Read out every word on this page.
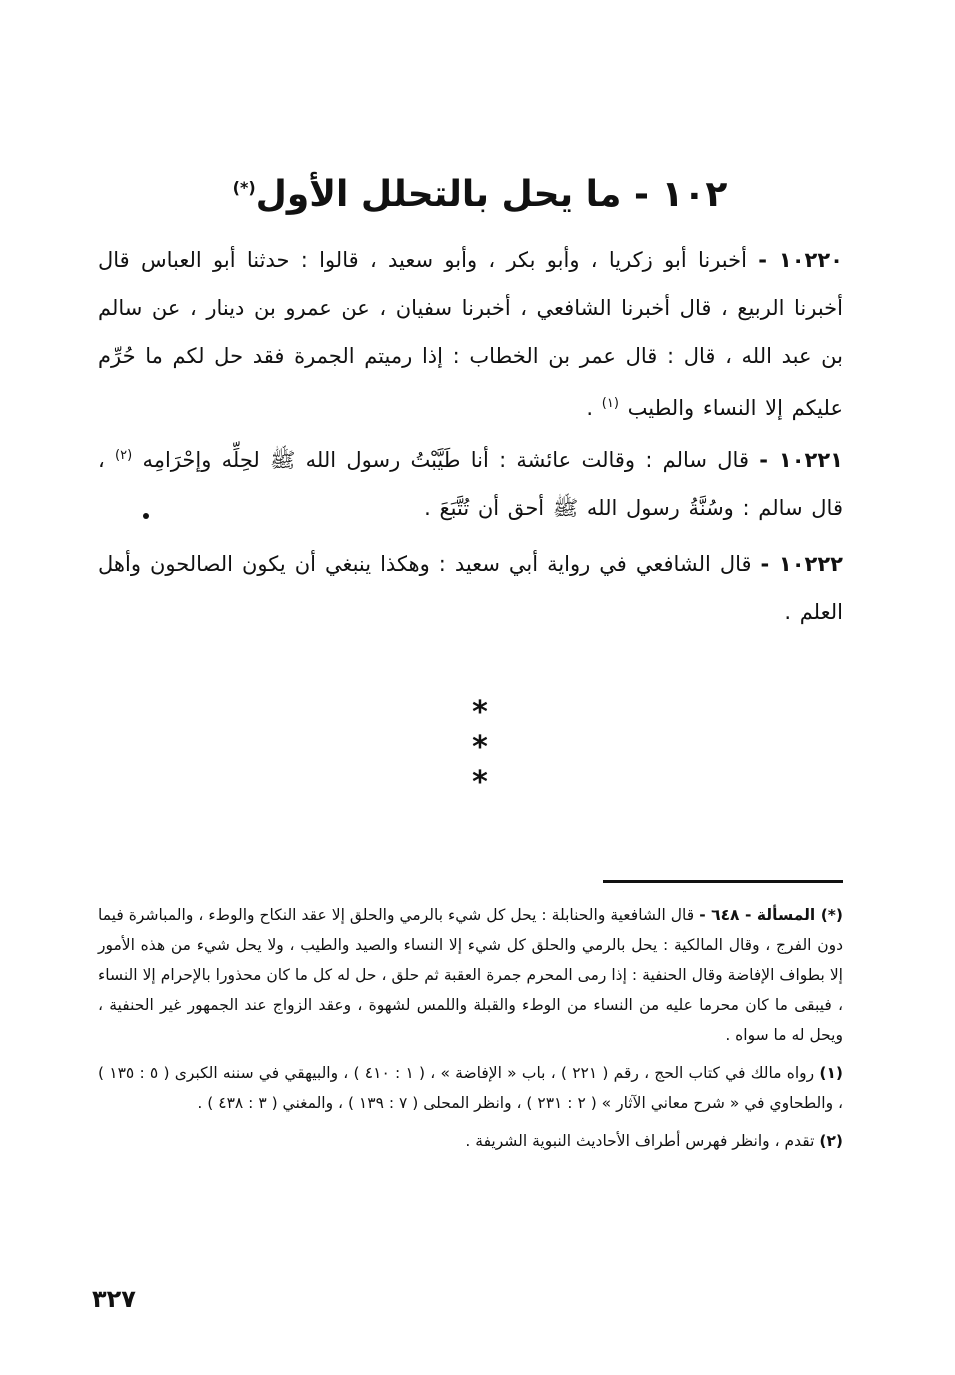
١٠٢ - ما يحل بالتحلل الأول(*)
١٠٢٢٠ - أخبرنا أبو زكريا ، وأبو بكر ، وأبو سعيد ، قالوا : حدثنا أبو العباس قال أخبرنا الربيع ، قال أخبرنا الشافعي ، أخبرنا سفيان ، عن عمرو بن دينار ، عن سالم بن عبد الله ، قال : قال عمر بن الخطاب : إذا رميتم الجمرة فقد حل لكم ما حُرِّم عليكم إلا النساء والطيب $^{(١)}$ .
١٠٢٢١ - قال سالم : وقالت عائشة : أنا طَيَّبْتُ رسول الله ﷺ لحِلِّه وإحْرَامِه $^{(٢)}$ ، قال سالم : وسُنَّةُ رسول الله ﷺ أحق أن تُتَّبَعَ .
١٠٢٢٢ - قال الشافعي في رواية أبي سعيد : وهكذا ينبغي أن يكون الصالحون وأهل العلم .
* * *

(*) المسألة - ٦٤٨ - قال الشافعية والحنابلة : يحل كل شيء بالرمي والحلق إلا عقد النكاح والوطء ، والمباشرة فيما دون الفرج ، وقال المالكية : يحل بالرمي والحلق كل شيء إلا النساء والصيد والطيب ، ولا يحل شيء من هذه الأمور إلا بطواف الإفاضة وقال الحنفية : إذا رمى المحرم جمرة العقبة ثم حلق ، حل له كل ما كان محذورا بالإحرام إلا النساء ، فيبقى ما كان محرما عليه من النساء من الوطء والقبلة واللمس لشهوة ، وعقد الزواج عند الجمهور غير الحنفية ، ويحل له ما سواه .

(١) رواه مالك في كتاب الحج ، رقم ( ٢٢١ ) ، باب « الإفاضة » ، ( ١ : ٤١٠ ) ، والبيهقي في سننه الكبرى ( ٥ : ١٣٥ ) ، والطحاوي في « شرح معاني الآثار » ( ٢ : ٢٣١ ) ، وانظر المحلى ( ٧ : ١٣٩ ) ، والمغني ( ٣ : ٤٣٨ ) .

(٢) تقدم ، وانظر فهرس أطراف الأحاديث النبوية الشريفة .

٣٢٧
